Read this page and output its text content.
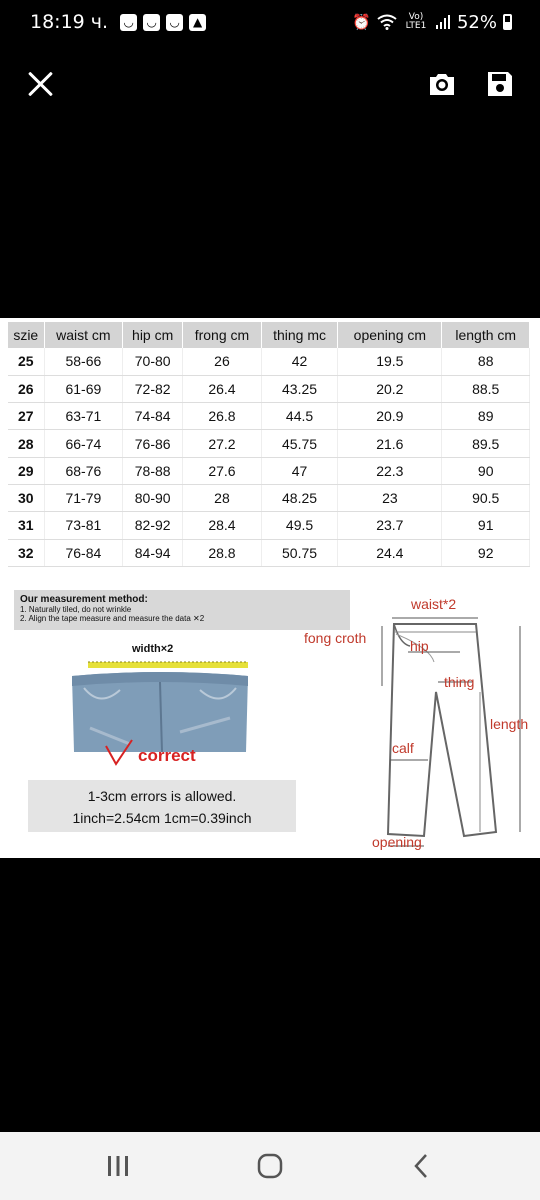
18:19 ч.	◡	◡	◡	▲	⏰	Vo) LTE1 52%
szie	waist cm	hip cm	frong cm	thing mc	opening cm	length cm
25	58-66	70-80	26	42	19.5	88
26	61-69	72-82	26.4	43.25	20.2	88.5
27	63-71	74-84	26.8	44.5	20.9	89
28	66-74	76-86	27.2	45.75	21.6	89.5
29	68-76	78-88	27.6	47	22.3	90
30	71-79	80-90	28	48.25	23	90.5
31	73-81	82-92	28.4	49.5	23.7	91
32	76-84	84-94	28.8	50.75	24.4	92
Our measurement method:
1. Naturally tiled, do not wrinkle
2. Align the tape measure and measure the data ✕2
width×2
correct
1-3cm errors is allowed.
1inch=2.54cm 1cm=0.39inch
waist*2
fong croth	hip
thing
length
calf
opening
